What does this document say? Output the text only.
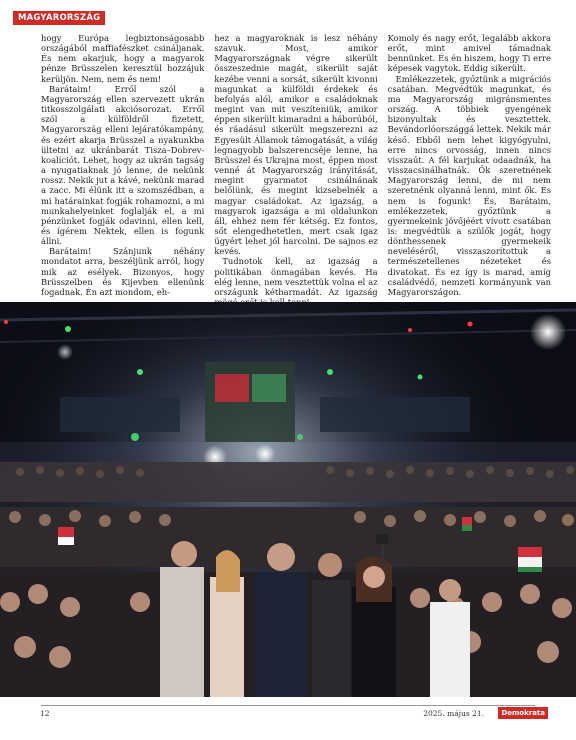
MAGYARORSZÁG

hogy Európa legbiztonságosabb országából maffiafészket csináljanak. És nem akarjuk, hogy a magyarok pénze Brüsszelen keresztül hozzájuk kerüljön. Nem, nem és nem!

Barátaim! Erről szól a Magyarország ellen szervezett ukrán titkosszolgálati akciósorozat. Erről szól a külföldről fizetett, Magyarország elleni lejáratókampány, és ezért akarja Brüsszel a nyakunkba ültetni az ukránbarát Tisza–Dobrev-koalíciót. Lehet, hogy az ukrán tagság a nyugatiaknak jó lenne, de nekünk rossz. Nekik jut a kávé, nekünk marad a zacc. Mi élünk itt a szomszédban, a mi határainkat fogják rohamozni, a mi munkahelyeinket foglalják el, a mi pénzünket fogják odavinni, ellen kell, és ígérem Nektek, ellen is fogunk állni.

Barátaim! Szánjunk néhány mondatot arra, beszéljünk arról, hogy mik az esélyek. Bizonyos, hogy Brüsszelben és Kijevben ellenünk fogadnak. Én azt mondom, eh-

hez a magyaroknak is lesz néhány szavuk. Most, amikor Magyarországnak végre sikerült összeszednie magát, sikerült saját kezébe venni a sorsát, sikerült kivonni magunkat a külföldi érdekek és befolyás alól, amikor a családoknak megint van mit veszíteniük, amikor éppen sikerült kimaradni a háborúból, és ráadásul sikerült megszerezni az Egyesült Államok támogatását, a világ legnagyobb balszerencséje lenne, ha Brüsszel és Ukrajna most, éppen most venné át Magyarország irányítását, megint gyarmatot csinálnának belőlünk, és megint kizsebelnék a magyar családokat. Az igazság, a magyarok igazsága a mi oldalunkon áll, ehhez nem fér kétség. Ez fontos, sőt elengedhetetlen, mert csak igaz ügyért lehet jól harcolni. De sajnos ez kevés.

Tudnotok kell, az igazság a politikában önmagában kevés. Ha elég lenne, nem vesztettük volna el az országunk kétharmadát. Az igazság

Komoly és nagy erőt, legalább akkora erőt, mint amivel támadnak bennünket. És én hiszem, hogy Ti erre képesek vagytok. Eddig sikerült.

Emlékezzetek, győztünk a migrációs csatában. Megvédtük magunkat, és ma Magyarország migránsmentes ország. A többiek gyengének bizonyultak és vesztettek. Bevándorlóországgá lettek. Nekik már késő. Ebből nem lehet kigyógyulni, erre nincs orvosság, innen nincs visszaút. A fél karjukat odaadnák, ha visszacsinálhatnák. Ők szeretnének Magyarország lenni, de mi nem szeretnénk olyanná lenni, mint ők. És nem is fogunk! És, Barátaim, emlékezzetek, győztünk a gyermekeink jövőjéért vívott csatában is: megvédtük a szülők jogát, hogy dönthessenek gyermekeik neveléséről, visszaszorítottuk a természetellenes nézeteket és divatokat. És ez így is marad, amíg családvédő, nemzeti kormányunk van Magyarországon.

12	2025. május 21.	Demokrata
